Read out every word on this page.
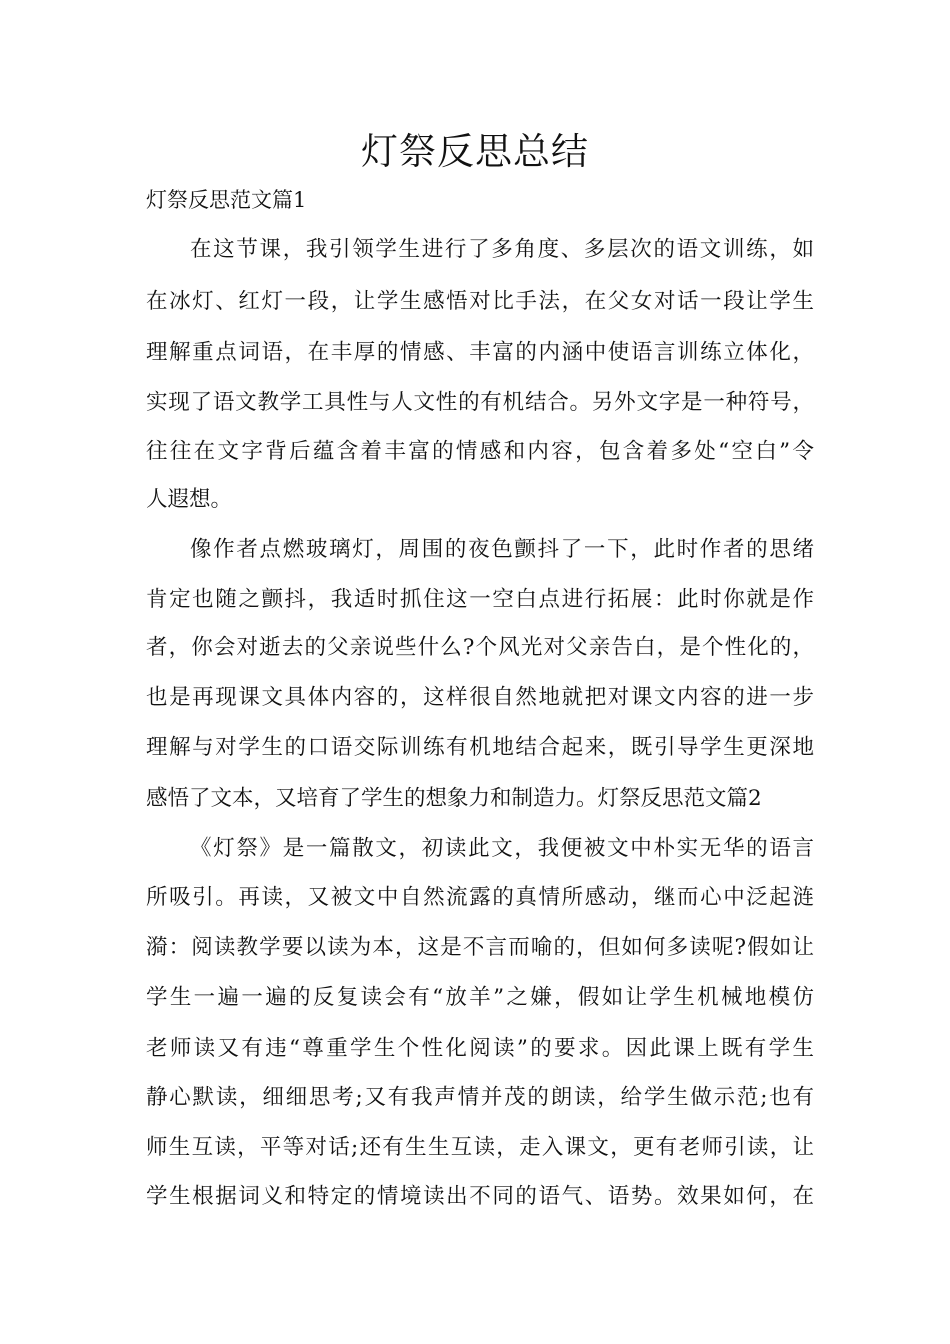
灯祭反思总结

灯祭反思范文篇1

在这节课，我引领学生进行了多角度、多层次的语文训练，如

在冰灯、红灯一段，让学生感悟对比手法，在父女对话一段让学生

理解重点词语，在丰厚的情感、丰富的内涵中使语言训练立体化，

实现了语文教学工具性与人文性的有机结合。另外文字是一种符号，

往往在文字背后蕴含着丰富的情感和内容，包含着多处“空白”令

人遐想。

像作者点燃玻璃灯，周围的夜色颤抖了一下，此时作者的思绪

肯定也随之颤抖，我适时抓住这一空白点进行拓展：此时你就是作

者，你会对逝去的父亲说些什么?个风光对父亲告白，是个性化的，

也是再现课文具体内容的，这样很自然地就把对课文内容的进一步

理解与对学生的口语交际训练有机地结合起来，既引导学生更深地

感悟了文本，又培育了学生的想象力和制造力。灯祭反思范文篇2

《灯祭》是一篇散文，初读此文，我便被文中朴实无华的语言

所吸引。再读，又被文中自然流露的真情所感动，继而心中泛起涟

漪：阅读教学要以读为本，这是不言而喻的，但如何多读呢?假如让

学生一遍一遍的反复读会有“放羊”之嫌，假如让学生机械地模仿

老师读又有违“尊重学生个性化阅读”的要求。因此课上既有学生

静心默读，细细思考;又有我声情并茂的朗读，给学生做示范;也有

师生互读，平等对话;还有生生互读，走入课文，更有老师引读，让

学生根据词义和特定的情境读出不同的语气、语势。效果如何，在
